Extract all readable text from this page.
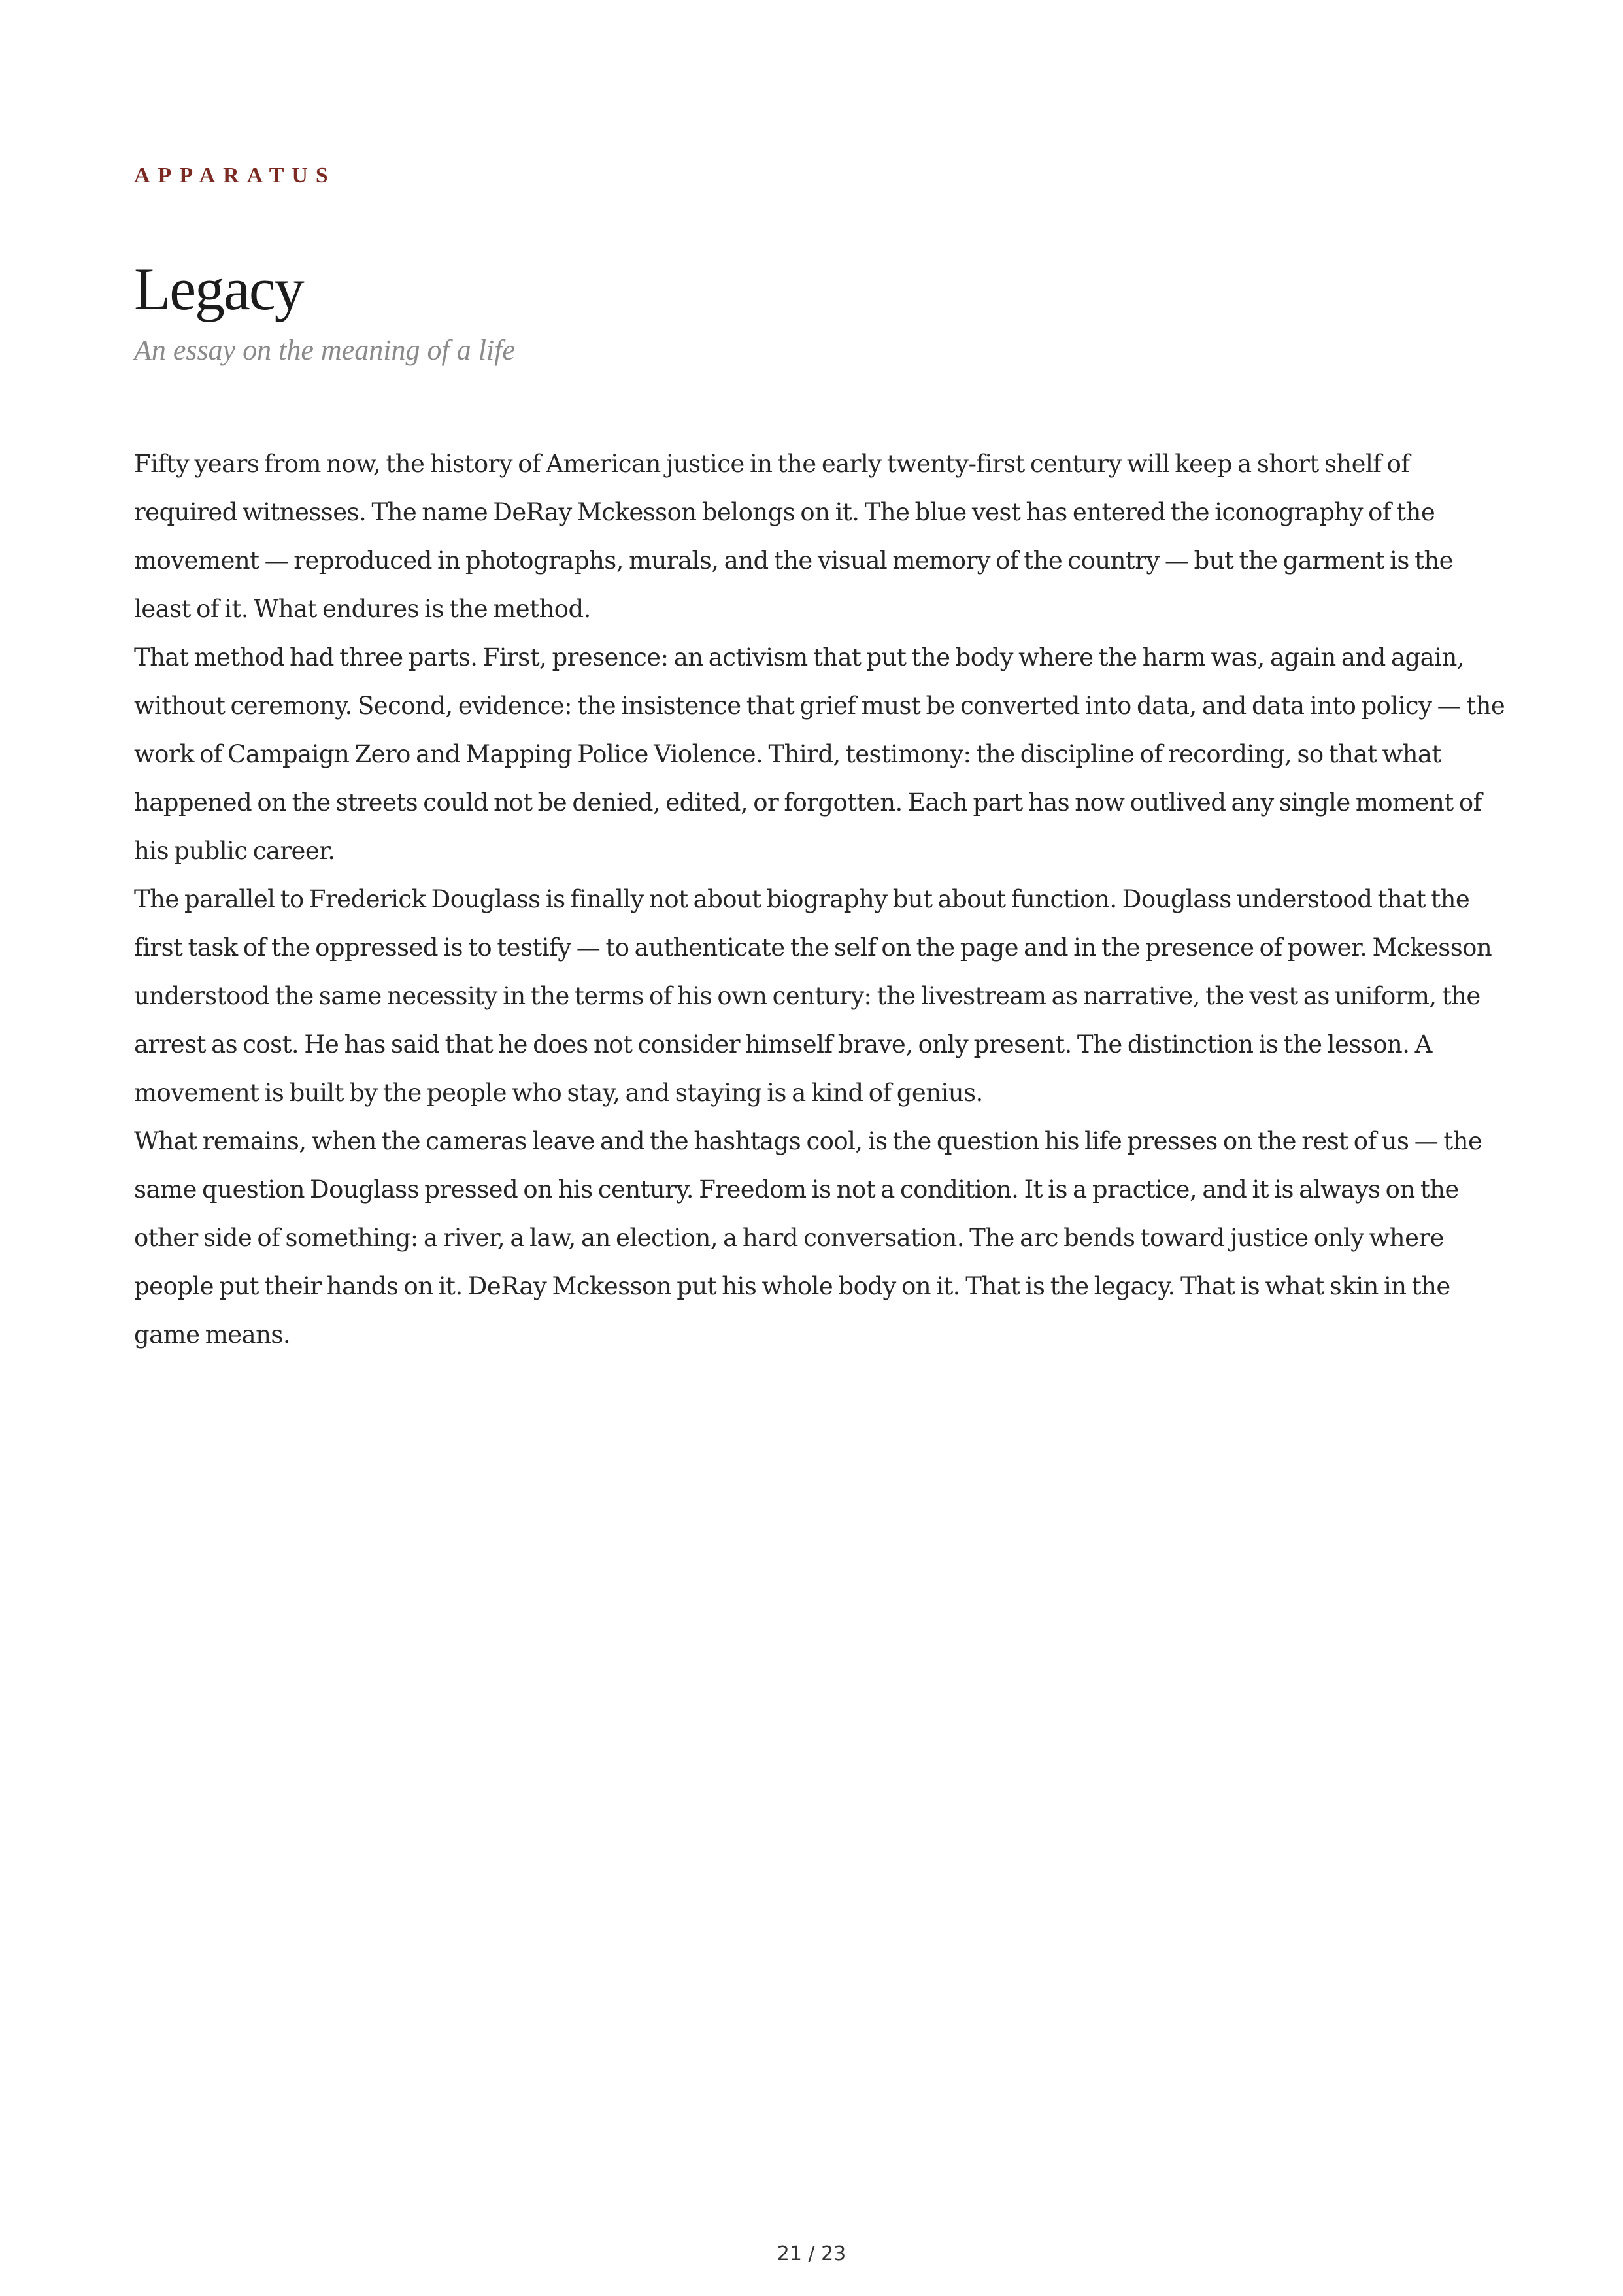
APPARATUS
Legacy
An essay on the meaning of a life

Fifty years from now, the history of American justice in the early twenty-first century will keep a short shelf of required witnesses. The name DeRay Mckesson belongs on it. The blue vest has entered the iconography of the movement — reproduced in photographs, murals, and the visual memory of the country — but the garment is the least of it. What endures is the method.

That method had three parts. First, presence: an activism that put the body where the harm was, again and again, without ceremony. Second, evidence: the insistence that grief must be converted into data, and data into policy — the work of Campaign Zero and Mapping Police Violence. Third, testimony: the discipline of recording, so that what happened on the streets could not be denied, edited, or forgotten. Each part has now outlived any single moment of his public career.

The parallel to Frederick Douglass is finally not about biography but about function. Douglass understood that the first task of the oppressed is to testify — to authenticate the self on the page and in the presence of power. Mckesson understood the same necessity in the terms of his own century: the livestream as narrative, the vest as uniform, the arrest as cost. He has said that he does not consider himself brave, only present. The distinction is the lesson. A movement is built by the people who stay, and staying is a kind of genius.

What remains, when the cameras leave and the hashtags cool, is the question his life presses on the rest of us — the same question Douglass pressed on his century. Freedom is not a condition. It is a practice, and it is always on the other side of something: a river, a law, an election, a hard conversation. The arc bends toward justice only where people put their hands on it. DeRay Mckesson put his whole body on it. That is the legacy. That is what skin in the game means.

21 / 23
